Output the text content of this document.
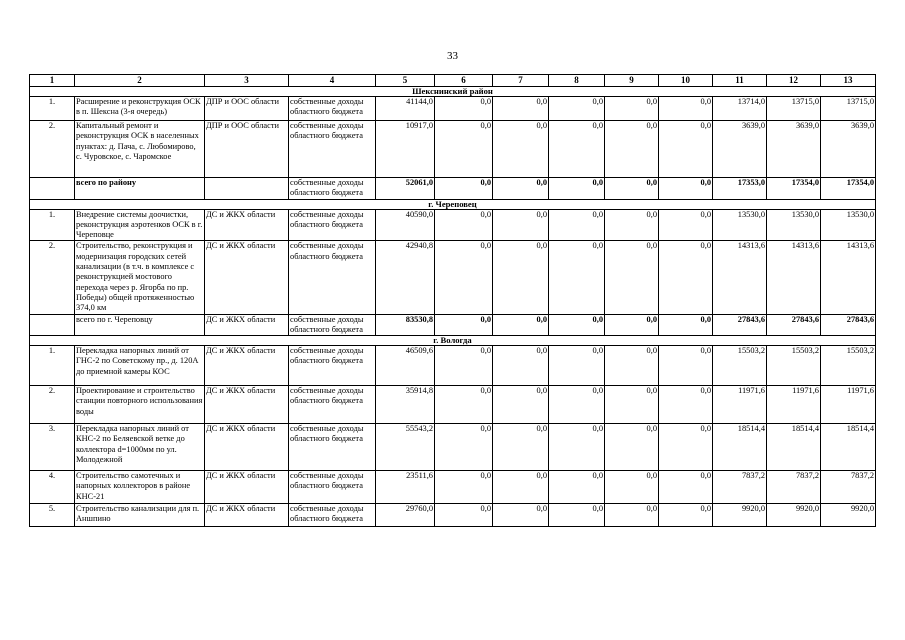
33
1	2	3	4	5	6	7	8	9	10	11	12	13
Шекснинский район												
1.	Расширение и реконструкция ОСК в п. Шексна (3-я очередь)	ДПР и ООС области	собственные доходы областного бюджета	41144,0	0,0	0,0	0,0	0,0	0,0	13714,0	13715,0	13715,0
2.	Капитальный ремонт и реконструкция ОСК в населенных пунктах: д. Пача, с. Любомирово, с. Чуровское, с. Чаромское	ДПР и ООС области	собственные доходы областного бюджета	10917,0	0,0	0,0	0,0	0,0	0,0	3639,0	3639,0	3639,0
	всего по району		собственные доходы областного бюджета	52061,0	0,0	0,0	0,0	0,0	0,0	17353,0	17354,0	17354,0
г. Череповец												
1.	Внедрение системы доочистки, реконструкция аэротенков ОСК в г. Череповце	ДС и ЖКХ области	собственные доходы областного бюджета	40590,0	0,0	0,0	0,0	0,0	0,0	13530,0	13530,0	13530,0
2.	Строительство, реконструкция и модернизация городских сетей канализации (в т.ч. в комплексе с реконструкцией мостового перехода через р. Ягорба по пр. Победы) общей протяженностью 374,0 км	ДС и ЖКХ области	собственные доходы областного бюджета	42940,8	0,0	0,0	0,0	0,0	0,0	14313,6	14313,6	14313,6
	всего по г. Череповцу	ДС и ЖКХ области	собственные доходы областного бюджета	83530,8	0,0	0,0	0,0	0,0	0,0	27843,6	27843,6	27843,6
г. Вологда												
1.	Перекладка напорных линий от ГНС-2 по Советскому пр., д. 120А до приемной камеры КОС	ДС и ЖКХ области	собственные доходы областного бюджета	46509,6	0,0	0,0	0,0	0,0	0,0	15503,2	15503,2	15503,2
2.	Проектирование и строительство станции повторного использования воды	ДС и ЖКХ области	собственные доходы областного бюджета	35914,8	0,0	0,0	0,0	0,0	0,0	11971,6	11971,6	11971,6
3.	Перекладка напорных линий от КНС-2 по Беляевской ветке до коллектора d=1000мм по ул. Молодежной	ДС и ЖКХ области	собственные доходы областного бюджета	55543,2	0,0	0,0	0,0	0,0	0,0	18514,4	18514,4	18514,4
4.	Строительство самотечных и напорных коллекторов в районе КНС-21	ДС и ЖКХ области	собственные доходы областного бюджета	23511,6	0,0	0,0	0,0	0,0	0,0	7837,2	7837,2	7837,2
5.	Строительство канализации для п. Аншпино	ДС и ЖКХ области	собственные доходы областного бюджета	29760,0	0,0	0,0	0,0	0,0	0,0	9920,0	9920,0	9920,0
